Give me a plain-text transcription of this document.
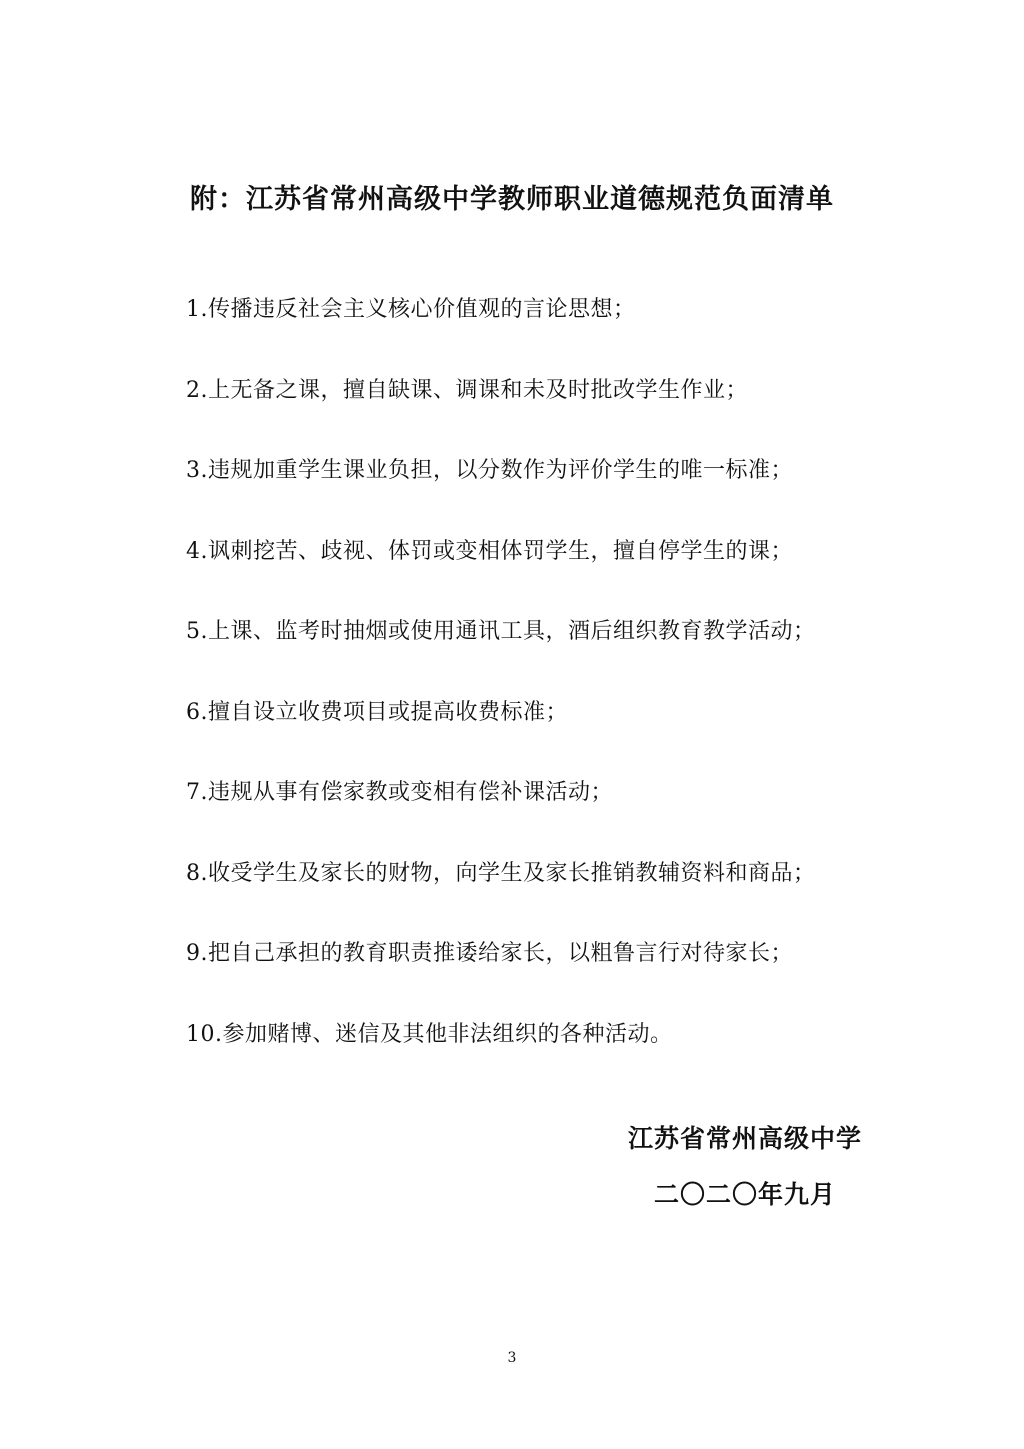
附：江苏省常州高级中学教师职业道德规范负面清单
1.传播违反社会主义核心价值观的言论思想；
2.上无备之课，擅自缺课、调课和未及时批改学生作业；
3.违规加重学生课业负担，以分数作为评价学生的唯一标准；
4.讽刺挖苦、歧视、体罚或变相体罚学生，擅自停学生的课；
5.上课、监考时抽烟或使用通讯工具，酒后组织教育教学活动；
6.擅自设立收费项目或提高收费标准；
7.违规从事有偿家教或变相有偿补课活动；
8.收受学生及家长的财物，向学生及家长推销教辅资料和商品；
9.把自己承担的教育职责推诿给家长，以粗鲁言行对待家长；
10.参加赌博、迷信及其他非法组织的各种活动。
江苏省常州高级中学
二〇二〇年九月
3
